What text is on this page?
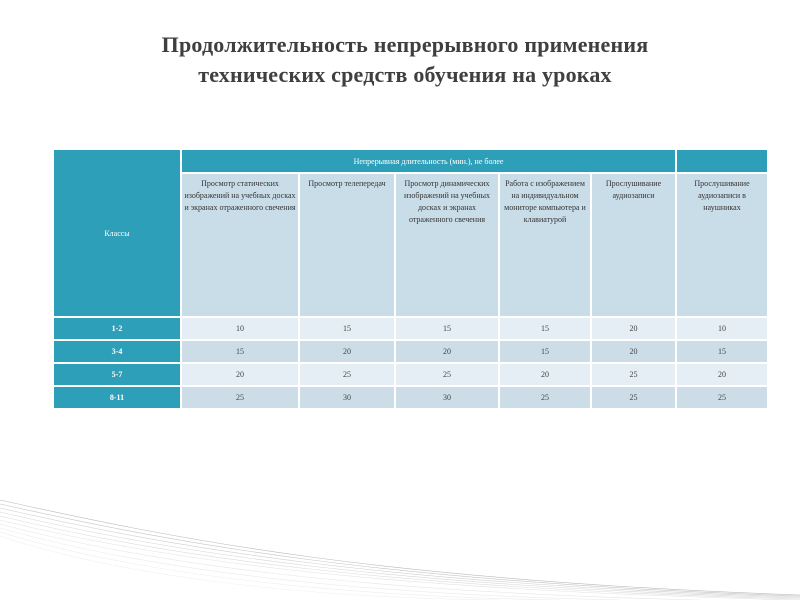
Продолжительность непрерывного применения
технических средств обучения на уроках
Классы	Непрерывная длительность (мин.), не более					
	Просмотр статических изображений на учебных досках и экранах отраженного свечения	Просмотр телепередач	Просмотр динамических изображений на учебных досках и экранах отраженного свечения	Работа с изображением на индивидуальном мониторе компьютера и клавиатурой	Прослушивание аудиозаписи	Прослушивание аудиозаписи в наушниках
1-2	10	15	15	15	20	10
3-4	15	20	20	15	20	15
5-7	20	25	25	20	25	20
8-11	25	30	30	25	25	25
